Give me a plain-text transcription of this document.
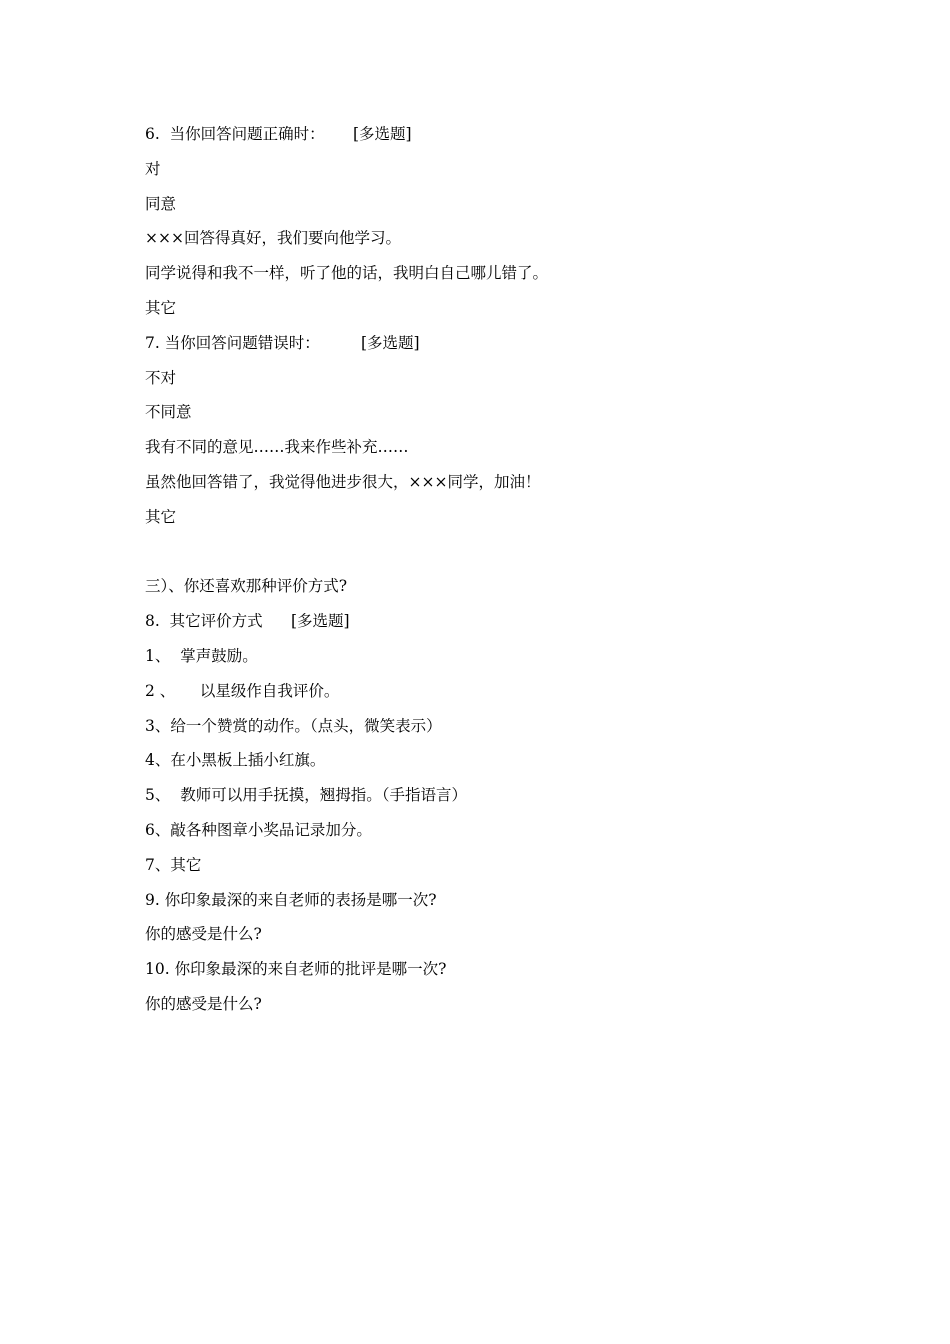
6.  当你回答问题正确时：	[多选题]
对
同意
×××回答得真好，我们要向他学习。
同学说得和我不一样，听了他的话，我明白自己哪儿错了。
其它
7. 当你回答问题错误时：	[多选题]
不对
不同意
我有不同的意见……我来作些补充……
虽然他回答错了，我觉得他进步很大，×××同学，加油！
其它
三）、你还喜欢那种评价方式?
8.  其它评价方式	[多选题]
1、  掌声鼓励。
2 、     以星级作自我评价。
3、给一个赞赏的动作。（点头，微笑表示）
4、在小黑板上插小红旗。
5、  教师可以用手抚摸，翘拇指。（手指语言）
6、敲各种图章小奖品记录加分。
7、其它
9. 你印象最深的来自老师的表扬是哪一次?
你的感受是什么?
10. 你印象最深的来自老师的批评是哪一次?
你的感受是什么?
